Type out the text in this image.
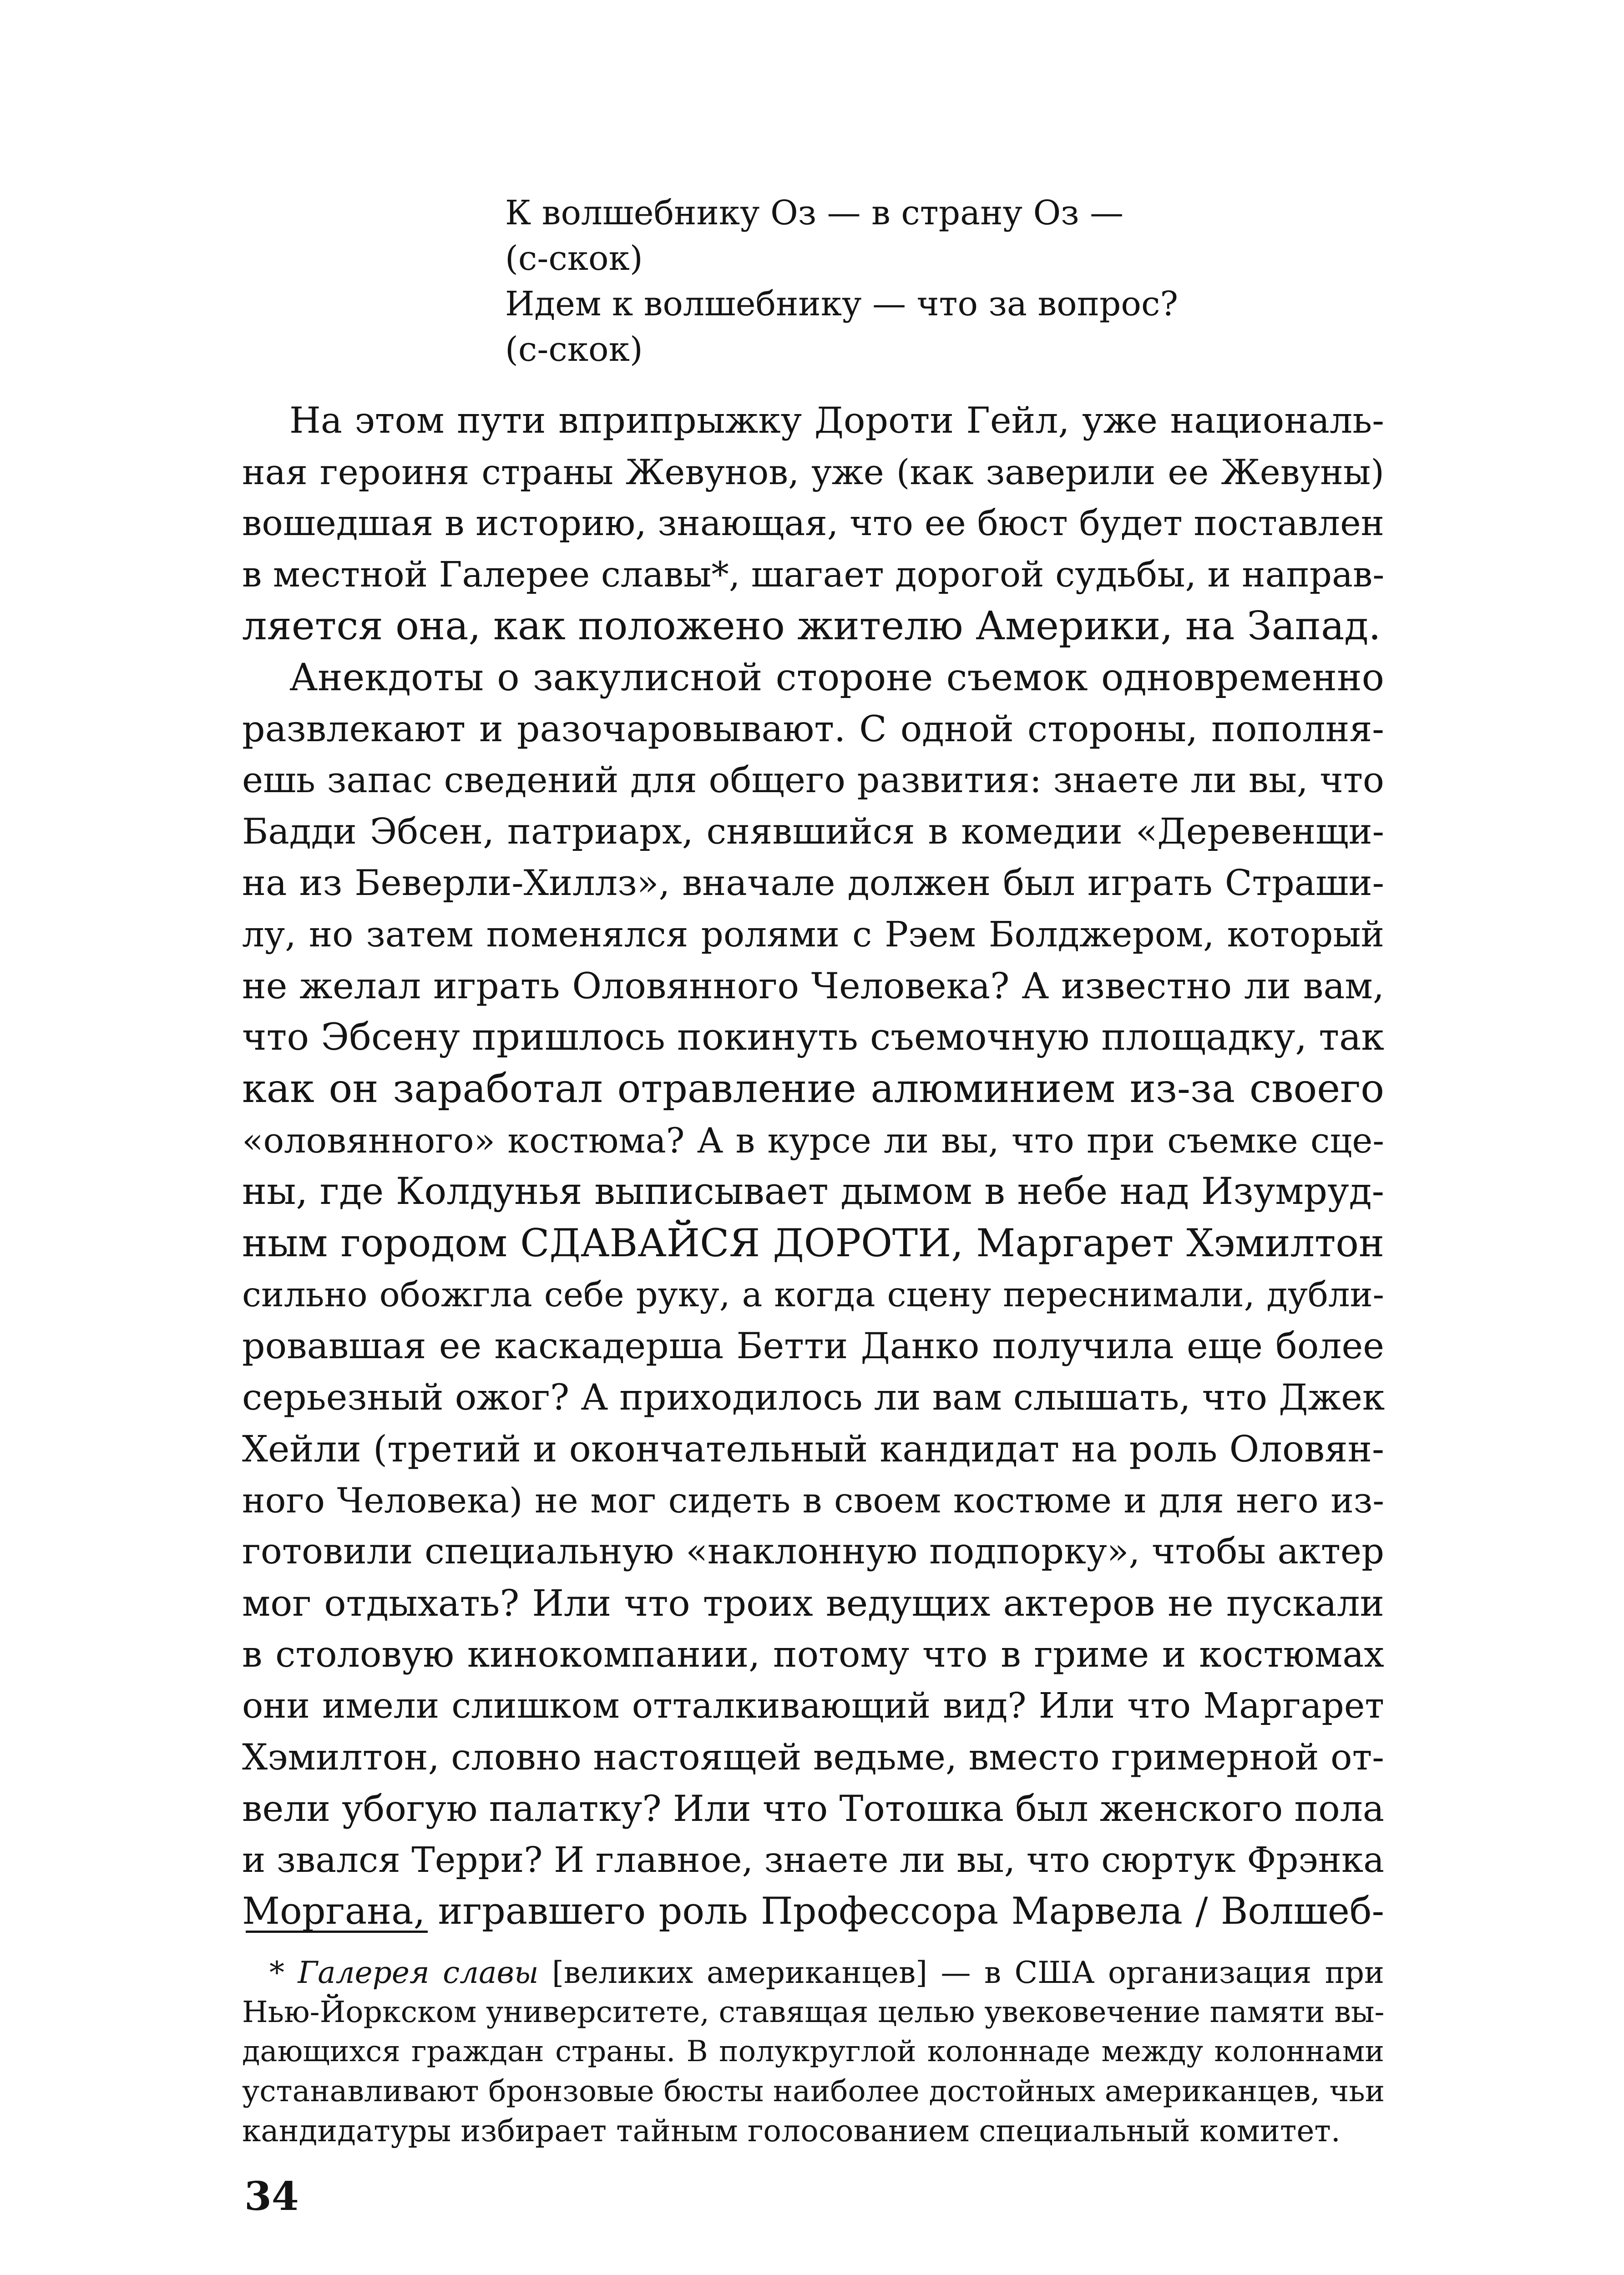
К волшебнику Оз — в страну Оз —
(с-скок)
Идем к волшебнику — что за вопрос?
(с-скок)
На этом пути вприпрыжку Дороти Гейл, уже националь-
ная героиня страны Жевунов, уже (как заверили ее Жевуны)
вошедшая в историю, знающая, что ее бюст будет поставлен
в местной Галерее славы*, шагает дорогой судьбы, и направ-
ляется она, как положено жителю Америки, на Запад.
Анекдоты о закулисной стороне съемок одновременно
развлекают и разочаровывают. С одной стороны, пополня-
ешь запас сведений для общего развития: знаете ли вы, что
Бадди Эбсен, патриарх, снявшийся в комедии «Деревенщи-
на из Беверли-Хиллз», вначале должен был играть Страши-
лу, но затем поменялся ролями с Рэем Болджером, который
не желал играть Оловянного Человека? А известно ли вам,
что Эбсену пришлось покинуть съемочную площадку, так
как он заработал отравление алюминием из-за своего
«оловянного» костюма? А в курсе ли вы, что при съемке сце-
ны, где Колдунья выписывает дымом в небе над Изумруд-
ным городом СДАВАЙСЯ ДОРОТИ, Маргарет Хэмилтон
сильно обожгла себе руку, а когда сцену переснимали, дубли-
ровавшая ее каскадерша Бетти Данко получила еще более
серьезный ожог? А приходилось ли вам слышать, что Джек
Хейли (третий и окончательный кандидат на роль Оловян-
ного Человека) не мог сидеть в своем костюме и для него из-
готовили специальную «наклонную подпорку», чтобы актер
мог отдыхать? Или что троих ведущих актеров не пускали
в столовую кинокомпании, потому что в гриме и костюмах
они имели слишком отталкивающий вид? Или что Маргарет
Хэмилтон, словно настоящей ведьме, вместо гримерной от-
вели убогую палатку? Или что Тотошка был женского пола
и звался Терри? И главное, знаете ли вы, что сюртук Фрэнка
Моргана, игравшего роль Профессора Марвела / Волшеб-
* Галерея славы [великих американцев] — в США организация при
Нью-Йоркском университете, ставящая целью увековечение памяти вы-
дающихся граждан страны. В полукруглой колоннаде между колоннами
устанавливают бронзовые бюсты наиболее достойных американцев, чьи
кандидатуры избирает тайным голосованием специальный комитет.
34
